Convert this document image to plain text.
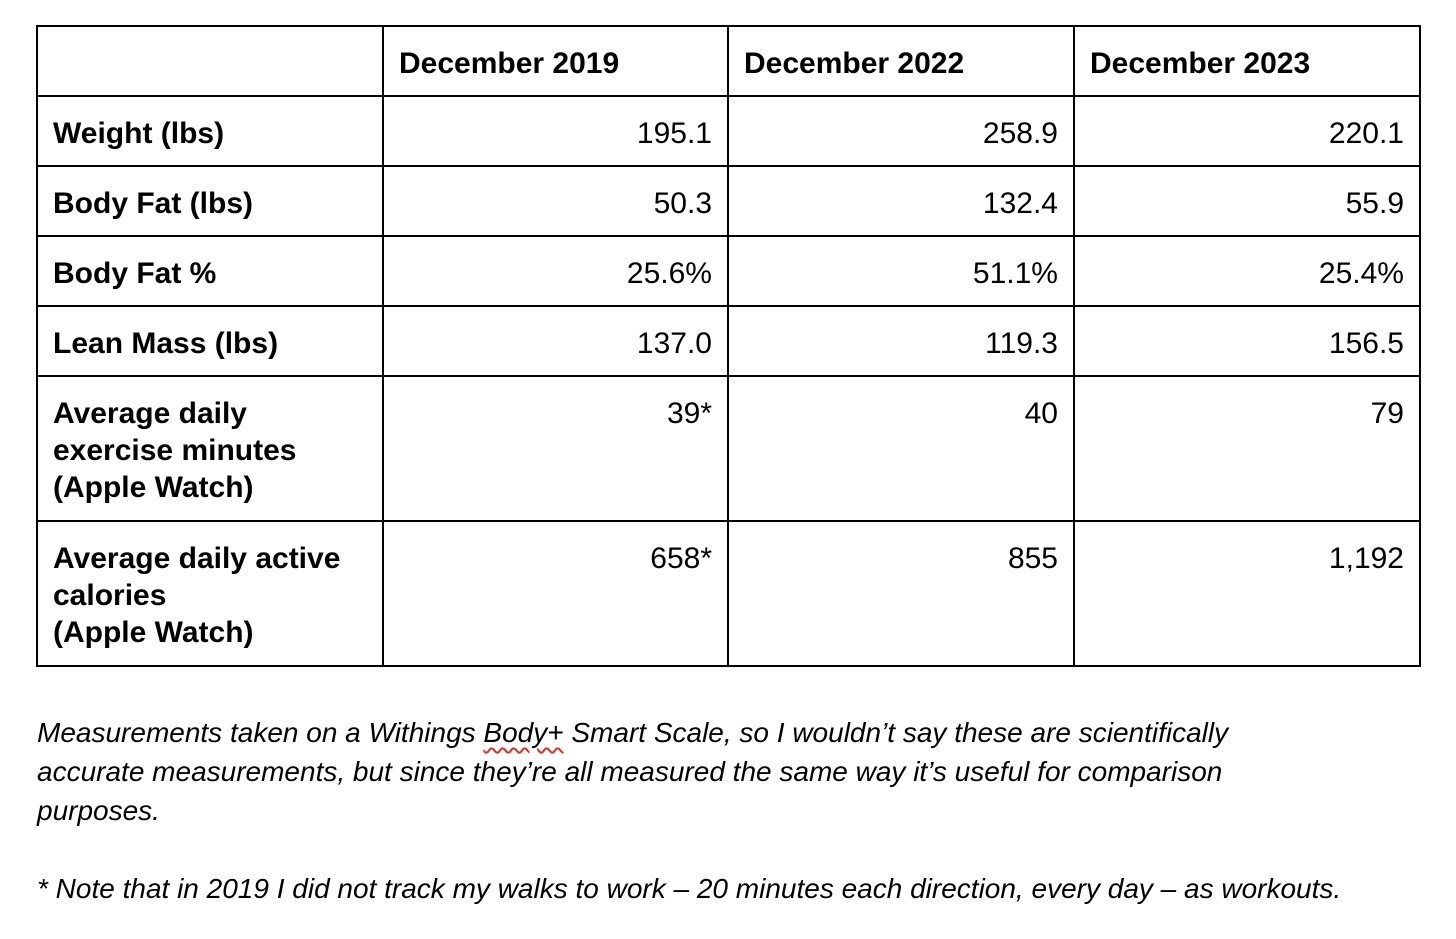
	December 2019	December 2022	December 2023
Weight (lbs)	195.1	258.9	220.1
Body Fat (lbs)	50.3	132.4	55.9
Body Fat %	25.6%	51.1%	25.4%
Lean Mass (lbs)	137.0	119.3	156.5
Average daily
exercise minutes
(Apple Watch)	39*	40	79
Average daily active
calories
(Apple Watch)	658*	855	1,192

Measurements taken on a Withings Body+ Smart Scale, so I wouldn’t say these are scientifically
accurate measurements, but since they’re all measured the same way it’s useful for comparison
purposes.

* Note that in 2019 I did not track my walks to work – 20 minutes each direction, every day – as workouts.
